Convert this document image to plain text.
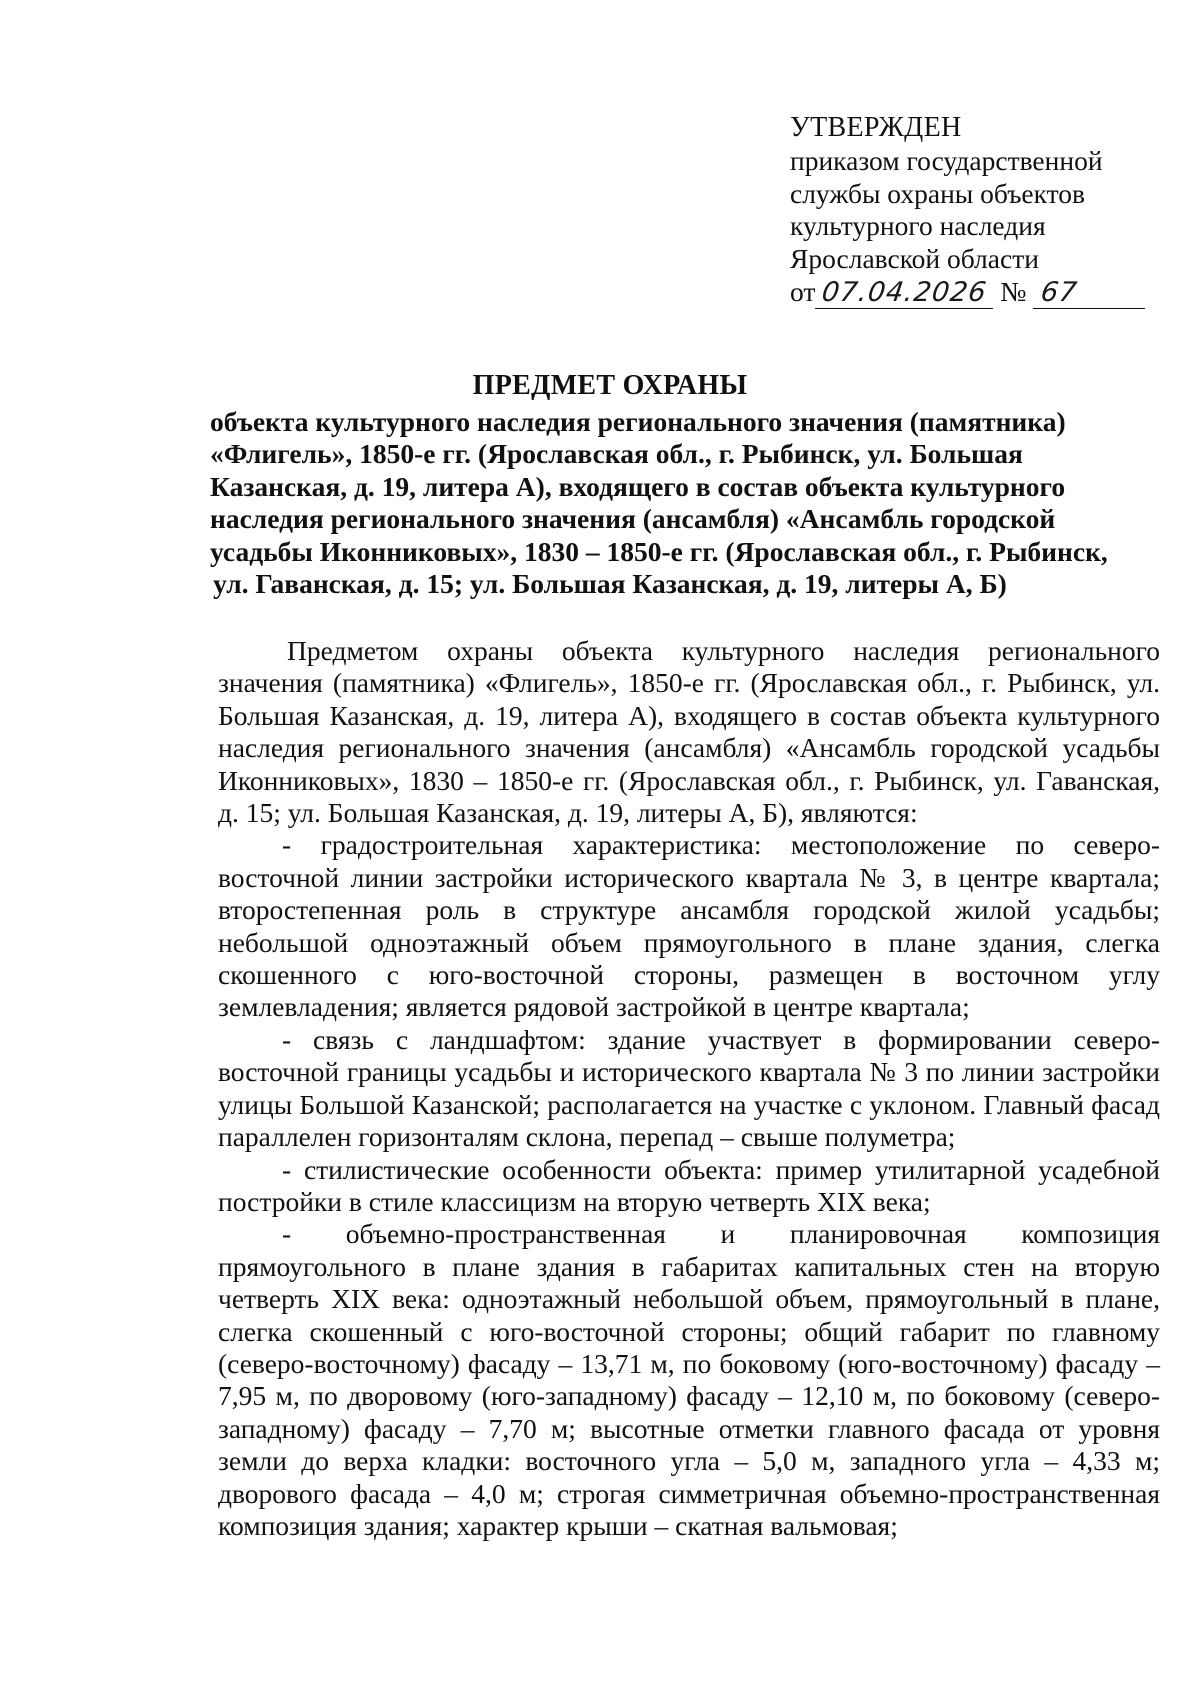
УТВЕРЖДЕН
приказом государственной
службы охраны объектов
культурного наследия
Ярославской области
от 07.04.2026 № 67
ПРЕДМЕТ ОХРАНЫ
объекта культурного наследия регионального значения (памятника)
«Флигель», 1850-е гг. (Ярославская обл., г. Рыбинск, ул. Большая
Казанская, д. 19, литера А), входящего в состав объекта культурного
наследия регионального значения (ансамбля) «Ансамбль городской
усадьбы Иконниковых», 1830 – 1850-е гг. (Ярославская обл., г. Рыбинск,
ул. Гаванская, д. 15; ул. Большая Казанская, д. 19, литеры А, Б)

Предметом охраны объекта культурного наследия регионального значения (памятника) «Флигель», 1850-е гг. (Ярославская обл., г. Рыбинск, ул. Большая Казанская, д. 19, литера А), входящего в состав объекта культурного наследия регионального значения (ансамбля) «Ансамбль городской усадьбы Иконниковых», 1830 – 1850-е гг. (Ярославская обл., г. Рыбинск, ул. Гаванская, д. 15; ул. Большая Казанская, д. 19, литеры А, Б), являются:

- градостроительная характеристика: местоположение по северо-восточной линии застройки исторического квартала № 3, в центре квартала; второстепенная роль в структуре ансамбля городской жилой усадьбы; небольшой одноэтажный объем прямоугольного в плане здания, слегка скошенного с юго-восточной стороны, размещен в восточном углу землевладения; является рядовой застройкой в центре квартала;

- связь с ландшафтом: здание участвует в формировании северо-восточной границы усадьбы и исторического квартала № 3 по линии застройки улицы Большой Казанской; располагается на участке с уклоном. Главный фасад параллелен горизонталям склона, перепад – свыше полуметра;

- стилистические особенности объекта: пример утилитарной усадебной постройки в стиле классицизм на вторую четверть XIX века;

- объемно-пространственная и планировочная композиция прямоугольного в плане здания в габаритах капитальных стен на вторую четверть XIX века: одноэтажный небольшой объем, прямоугольный в плане, слегка скошенный с юго-восточной стороны; общий габарит по главному (северо-восточному) фасаду – 13,71 м, по боковому (юго-восточному) фасаду – 7,95 м, по дворовому (юго-западному) фасаду – 12,10 м, по боковому (северо-западному) фасаду – 7,70 м; высотные отметки главного фасада от уровня земли до верха кладки: восточного угла – 5,0 м, западного угла – 4,33 м; дворового фасада – 4,0 м; строгая симметричная объемно-пространственная композиция здания; характер крыши – скатная вальмовая;
